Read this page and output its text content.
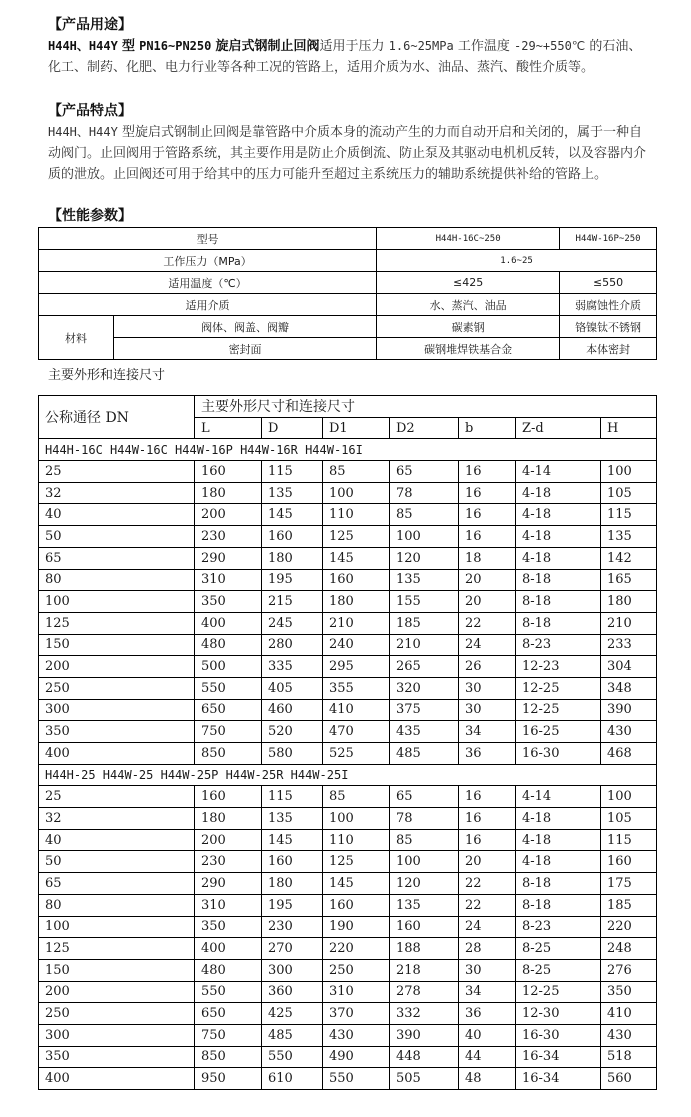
【产品用途】
H44H、H44Y 型 PN16~PN250 旋启式钢制止回阀适用于压力 1.6~25MPa 工作温度 -29~+550℃ 的石油、化工、制药、化肥、电力行业等各种工况的管路上，适用介质为水、油品、蒸汽、酸性介质等。
【产品特点】
H44H、H44Y 型旋启式钢制止回阀是靠管路中介质本身的流动产生的力而自动开启和关闭的，属于一种自动阀门。止回阀用于管路系统，其主要作用是防止介质倒流、防止泵及其驱动电机机反转，以及容器内介质的泄放。止回阀还可用于给其中的压力可能升至超过主系统压力的辅助系统提供补给的管路上。
【性能参数】
型号		H44H-16C~250	H44W-16P~250
工作压力（MPa）		1.6~25	
适用温度（℃）		≤425	≤550
适用介质		水、蒸汽、油品	弱腐蚀性介质
材料	阀体、阀盖、阀瓣	碳素钢	铬镍钛不锈钢
	密封面	碳钢堆焊铁基合金	本体密封
主要外形和连接尺寸
公称通径 DN	主要外形尺寸和连接尺寸						
	L	D	D1	D2	b	Z-d	H
H44H-16C H44W-16C H44W-16P H44W-16R H44W-16I							
25	160	115	85	65	16	4-14	100
32	180	135	100	78	16	4-18	105
40	200	145	110	85	16	4-18	115
50	230	160	125	100	16	4-18	135
65	290	180	145	120	18	4-18	142
80	310	195	160	135	20	8-18	165
100	350	215	180	155	20	8-18	180
125	400	245	210	185	22	8-18	210
150	480	280	240	210	24	8-23	233
200	500	335	295	265	26	12-23	304
250	550	405	355	320	30	12-25	348
300	650	460	410	375	30	12-25	390
350	750	520	470	435	34	16-25	430
400	850	580	525	485	36	16-30	468
H44H-25 H44W-25 H44W-25P H44W-25R H44W-25I							
25	160	115	85	65	16	4-14	100
32	180	135	100	78	16	4-18	105
40	200	145	110	85	16	4-18	115
50	230	160	125	100	20	4-18	160
65	290	180	145	120	22	8-18	175
80	310	195	160	135	22	8-18	185
100	350	230	190	160	24	8-23	220
125	400	270	220	188	28	8-25	248
150	480	300	250	218	30	8-25	276
200	550	360	310	278	34	12-25	350
250	650	425	370	332	36	12-30	410
300	750	485	430	390	40	16-30	430
350	850	550	490	448	44	16-34	518
400	950	610	550	505	48	16-34	560
